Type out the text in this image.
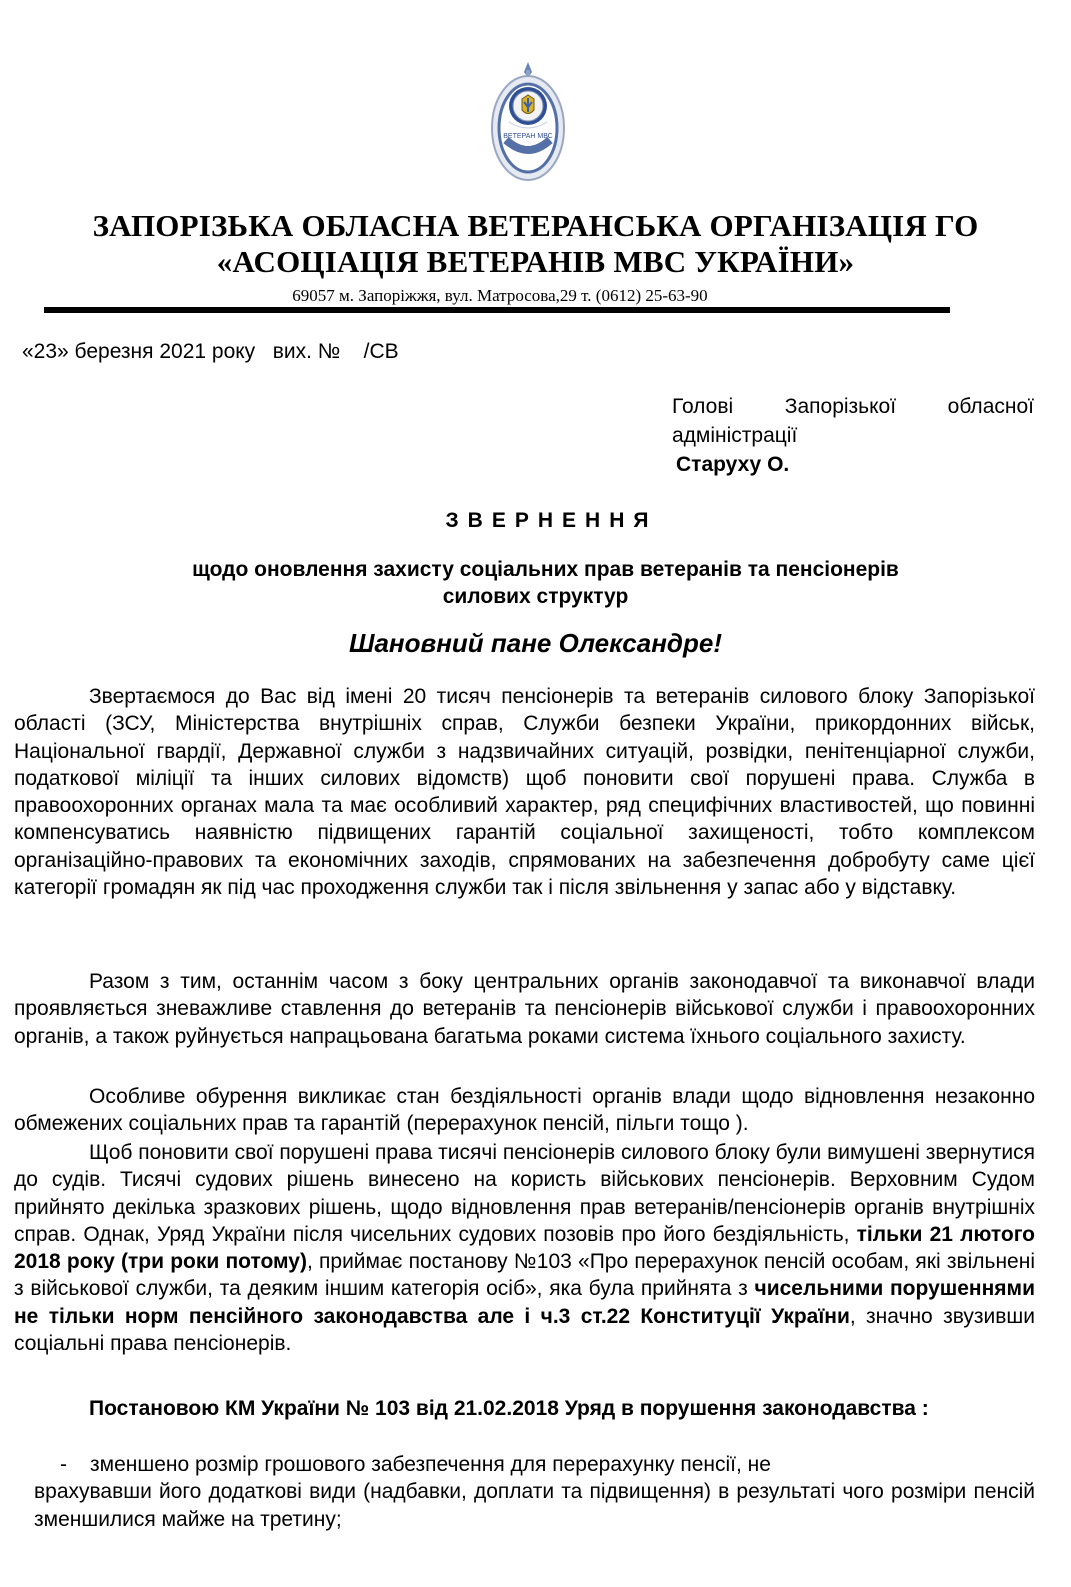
ВЕТЕРАН МВС
ЗАПОРІЗЬКА ОБЛАСНА ВЕТЕРАНСЬКА ОРГАНІЗАЦІЯ ГО
«АСОЦІАЦІЯ ВЕТЕРАНІВ МВС УКРАЇНИ»
69057 м. Запоріжжя, вул. Матросова,29 т. (0612) 25-63-90
«23» березня 2021 року   вих. №    /СВ
Голові Запорізької обласної
адміністрації
Старуху О.
ЗВЕРНЕННЯ
щодо оновлення захисту соціальних прав ветеранів та пенсіонерів
силових структур
Шановний пане Олександре!
Звертаємося до Вас від імені 20 тисяч пенсіонерів та ветеранів силового блоку Запорізької області (ЗСУ, Міністерства внутрішніх справ, Служби безпеки України, прикордонних військ, Національної гвардії, Державної служби з надзвичайних ситуацій, розвідки, пенітенціарної служби, податкової міліції та інших силових відомств) щоб поновити свої порушені права. Служба в правоохоронних органах мала та має особливий характер, ряд специфічних властивостей, що повинні компенсуватись наявністю підвищених гарантій соціальної захищеності, тобто комплексом організаційно-правових та економічних заходів, спрямованих на забезпечення добробуту саме цієї категорії громадян як під час проходження служби так і після звільнення у запас або у відставку.
Разом з тим, останнім часом з боку центральних органів законодавчої та виконавчої влади проявляється зневажливе ставлення до ветеранів та пенсіонерів військової служби і правоохоронних органів, а також руйнується напрацьована багатьма роками система їхнього соціального захисту.
Особливе обурення викликає стан бездіяльності органів влади щодо відновлення незаконно обмежених соціальних прав та гарантій (перерахунок пенсій, пільги тощо ).
Щоб поновити свої порушені права тисячі пенсіонерів силового блоку були вимушені звернутися до судів. Тисячі судових рішень винесено на користь військових пенсіонерів. Верховним Судом прийнято декілька зразкових рішень, щодо відновлення прав ветеранів/пенсіонерів органів внутрішніх справ. Однак, Уряд України після чисельних судових позовів про його бездіяльність, тільки 21 лютого 2018 року (три роки потому), приймає постанову №103 «Про перерахунок пенсій особам, які звільнені з військової служби, та деяким іншим категорія осіб», яка була прийнята з чисельними порушеннями не тільки норм пенсійного законодавства але і ч.3 ст.22 Конституції України, значно звузивши соціальні права пенсіонерів.
Постановою КМ України № 103 від 21.02.2018 Уряд в порушення законодавства :
-	зменшено розмір грошового забезпечення для перерахунку пенсії, не
врахувавши його додаткові види (надбавки, доплати та підвищення) в результаті чого розміри пенсій зменшилися майже на третину;
